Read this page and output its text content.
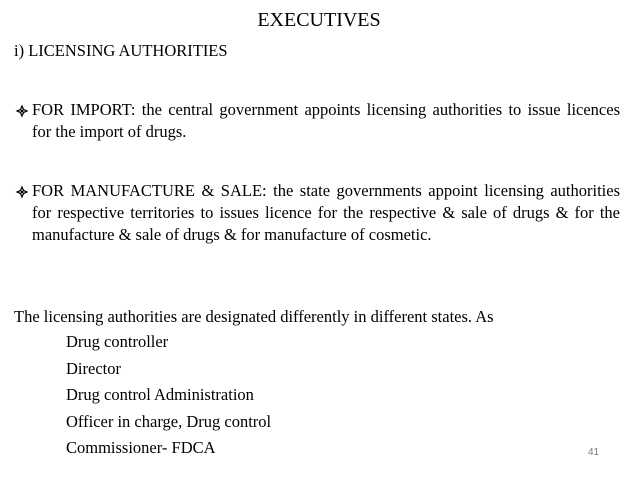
EXECUTIVES
i) LICENSING AUTHORITIES
FOR IMPORT: the central government appoints licensing authorities to issue licences for the import of drugs.
FOR MANUFACTURE & SALE: the state governments appoint licensing authorities for respective territories to issues licence for the respective & sale of drugs & for the manufacture & sale of drugs & for manufacture of cosmetic.
The licensing authorities are designated differently in different states. As
Drug controller
Director
Drug control Administration
Officer in charge, Drug control
Commissioner- FDCA	41
